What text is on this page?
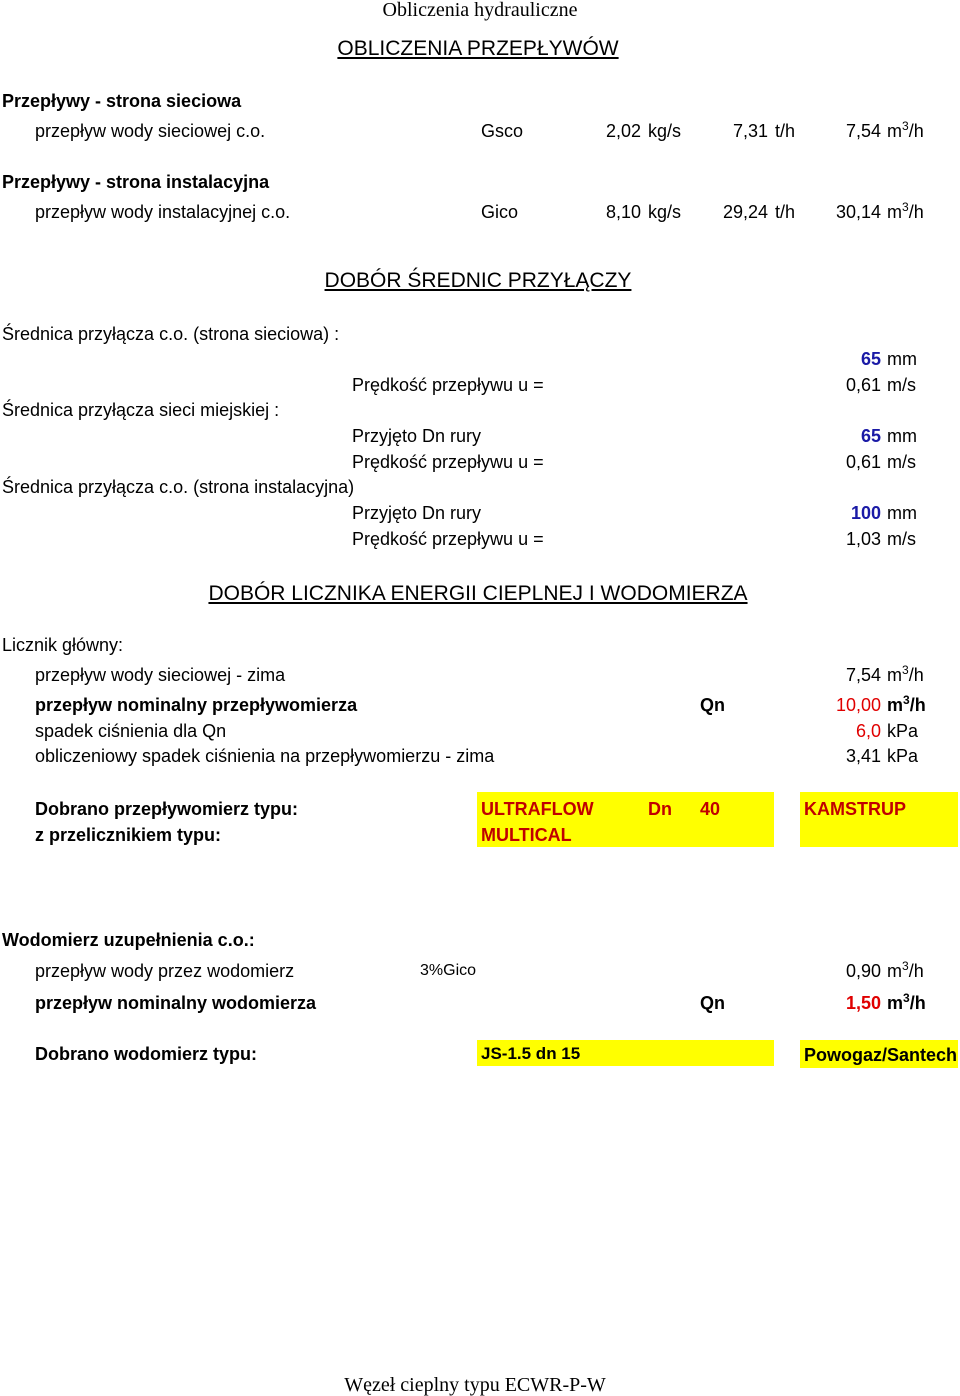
Obliczenia hydrauliczne
OBLICZENIA PRZEPŁYWÓW
Przepływy - strona sieciowa
przepływ wody sieciowej c.o.	Gsco	2,02 kg/s	7,31 t/h	7,54 $m^3/h$
Przepływy - strona instalacyjna
przepływ wody instalacyjnej c.o.	Gico	8,10 kg/s	29,24 t/h	30,14 $m^3/h$
DOBÓR ŚREDNIC PRZYŁĄCZY
Średnica przyłącza c.o. (strona sieciowa) :
65 mm
Prędkość przepływu u =	0,61 m/s
Średnica przyłącza sieci miejskiej :
Przyjęto Dn rury	65 mm
Prędkość przepływu u =	0,61 m/s
Średnica przyłącza c.o. (strona instalacyjna)
Przyjęto Dn rury	100 mm
Prędkość przepływu u =	1,03 m/s
DOBÓR LICZNIKA ENERGII CIEPLNEJ I WODOMIERZA
Licznik główny:
przepływ wody sieciowej - zima	7,54 $m^3/h$
przepływ nominalny przepływomierza	Qn	10,00 $m^3/h$
spadek ciśnienia dla Qn	6,0 kPa
obliczeniowy spadek ciśnienia na przepływomierzu - zima	3,41 kPa
Dobrano przepływomierz typu:	ULTRAFLOW	Dn 40	KAMSTRUP
z przelicznikiem typu:	MULTICAL
Wodomierz uzupełnienia c.o.:
przepływ wody przez wodomierz	3%Gico	0,90 $m^3/h$
przepływ nominalny wodomierza	Qn	1,50 $m^3/h$
Dobrano wodomierz typu:	JS-1.5 dn 15	Powogaz/Santech
Węzeł cieplny typu ECWR-P-W
